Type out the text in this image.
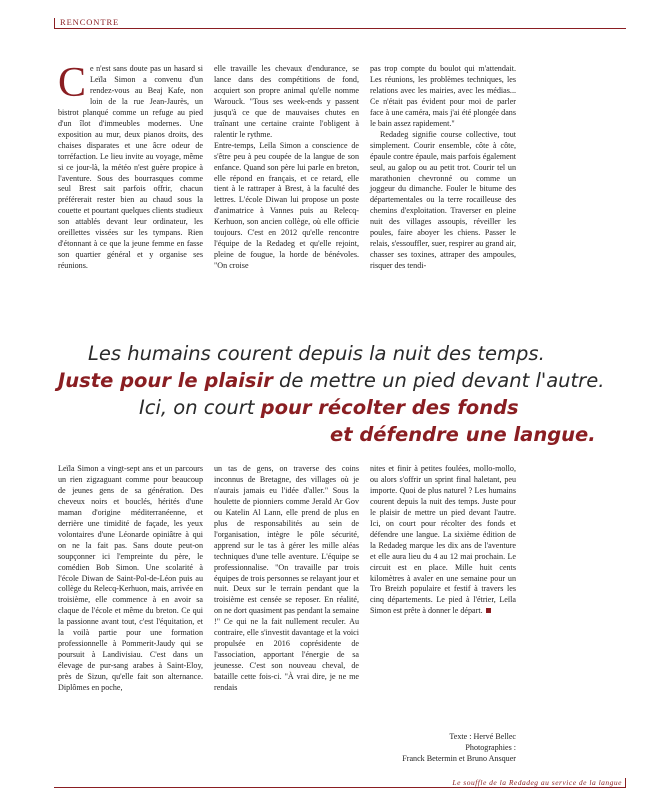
RENCONTRE
C e n'est sans doute pas un hasard si Leïla Simon a convenu d'un rendez-vous au Beaj Kafe, non loin de la rue Jean-Jaurès, un bistrot planqué comme un refuge au pied d'un îlot d'immeubles modernes. Une exposition au mur, deux pianos droits, des chaises disparates et une âcre odeur de torréfaction. Le lieu invite au voyage, même si ce jour-là, la météo n'est guère propice à l'aventure. Sous des bourrasques comme seul Brest sait parfois offrir, chacun préférerait rester bien au chaud sous la couette et pourtant quelques clients studieux son attablés devant leur ordinateur, les oreillettes vissées sur les tympans. Rien d'étonnant à ce que la jeune femme en fasse son quartier général et y organise ses réunions.

elle travaille les chevaux d'endurance, se lance dans des compétitions de fond, acquiert son propre animal qu'elle nomme Warouck. "Tous ses week-ends y passent jusqu'à ce que de mauvaises chutes en traînant une certaine crainte l'obligent à ralentir le rythme.

Entre-temps, Leïla Simon a conscience de s'être peu à peu coupée de la langue de son enfance. Quand son père lui parle en breton, elle répond en français, et ce retard, elle tient à le rattraper à Brest, à la faculté des lettres. L'école Diwan lui propose un poste d'animatrice à Vannes puis au Relecq-Kerhuon, son ancien collège, où elle officie toujours. C'est en 2012 qu'elle rencontre l'équipe de la Redadeg et qu'elle rejoint, pleine de fougue, la horde de bénévoles. "On croise

pas trop compte du boulot qui m'attendait. Les réunions, les problèmes techniques, les relations avec les mairies, avec les médias... Ce n'était pas évident pour moi de parler face à une caméra, mais j'ai été plongée dans le bain assez rapidement."

Redadeg signifie course collective, tout simplement. Courir ensemble, côte à côte, épaule contre épaule, mais parfois également seul, au galop ou au petit trot. Courir tel un marathonien chevronné ou comme un joggeur du dimanche. Fouler le bitume des départementales ou la terre rocailleuse des chemins d'exploitation. Traverser en pleine nuit des villages assoupis, réveiller les poules, faire aboyer les chiens. Passer le relais, s'essouffler, suer, respirer au grand air, chasser ses toxines, attraper des ampoules, risquer des tendi-

Les humains courent depuis la nuit des temps.
Juste pour le plaisir de mettre un pied devant l'autre.
Ici, on court pour récolter des fonds
et défendre une langue.

Leïla Simon a vingt-sept ans et un parcours un rien zigzaguant comme pour beaucoup de jeunes gens de sa génération. Des cheveux noirs et bouclés, hérités d'une maman d'origine méditerranéenne, et derrière une timidité de façade, les yeux volontaires d'une Léonarde opiniâtre à qui on ne la fait pas. Sans doute peut-on soupçonner ici l'empreinte du père, le comédien Bob Simon. Une scolarité à l'école Diwan de Saint-Pol-de-Léon puis au collège du Relecq-Kerhuon, mais, arrivée en troisième, elle commence à en avoir sa claque de l'école et même du breton. Ce qui la passionne avant tout, c'est l'équitation, et la voilà partie pour une formation professionnelle à Pommerit-Jaudy qui se poursuit à Landivisiau. C'est dans un élevage de pur-sang arabes à Saint-Eloy, près de Sizun, qu'elle fait son alternance. Diplômes en poche,

un tas de gens, on traverse des coins inconnus de Bretagne, des villages où je n'aurais jamais eu l'idée d'aller." Sous la houlette de pionniers comme Jerald Ar Gov ou Katelin Al Lann, elle prend de plus en plus de responsabilités au sein de l'organisation, intègre le pôle sécurité, apprend sur le tas à gérer les mille aléas techniques d'une telle aventure. L'équipe se professionnalise. "On travaille par trois équipes de trois personnes se relayant jour et nuit. Deux sur le terrain pendant que la troisième est censée se reposer. En réalité, on ne dort quasiment pas pendant la semaine !" Ce qui ne la fait nullement reculer. Au contraire, elle s'investit davantage et la voici propulsée en 2016 coprésidente de l'association, apportant l'énergie de sa jeunesse. C'est son nouveau cheval, de bataille cette fois-ci. "À vrai dire, je ne me rendais

nites et finir à petites foulées, mollo-mollo, ou alors s'offrir un sprint final haletant, peu importe. Quoi de plus naturel ? Les humains courent depuis la nuit des temps. Juste pour le plaisir de mettre un pied devant l'autre. Ici, on court pour récolter des fonds et défendre une langue. La sixième édition de la Redadeg marque les dix ans de l'aventure et elle aura lieu du 4 au 12 mai prochain. Le circuit est en place. Mille huit cents kilomètres à avaler en une semaine pour un Tro Breizh populaire et festif à travers les cinq départements. Le pied à l'étrier, Leïla Simon est prête à donner le départ.

Texte : Hervé Bellec
Photographies :
Franck Betermin et Bruno Ansquer
Le souffle de la Redadeg au service de la langue
